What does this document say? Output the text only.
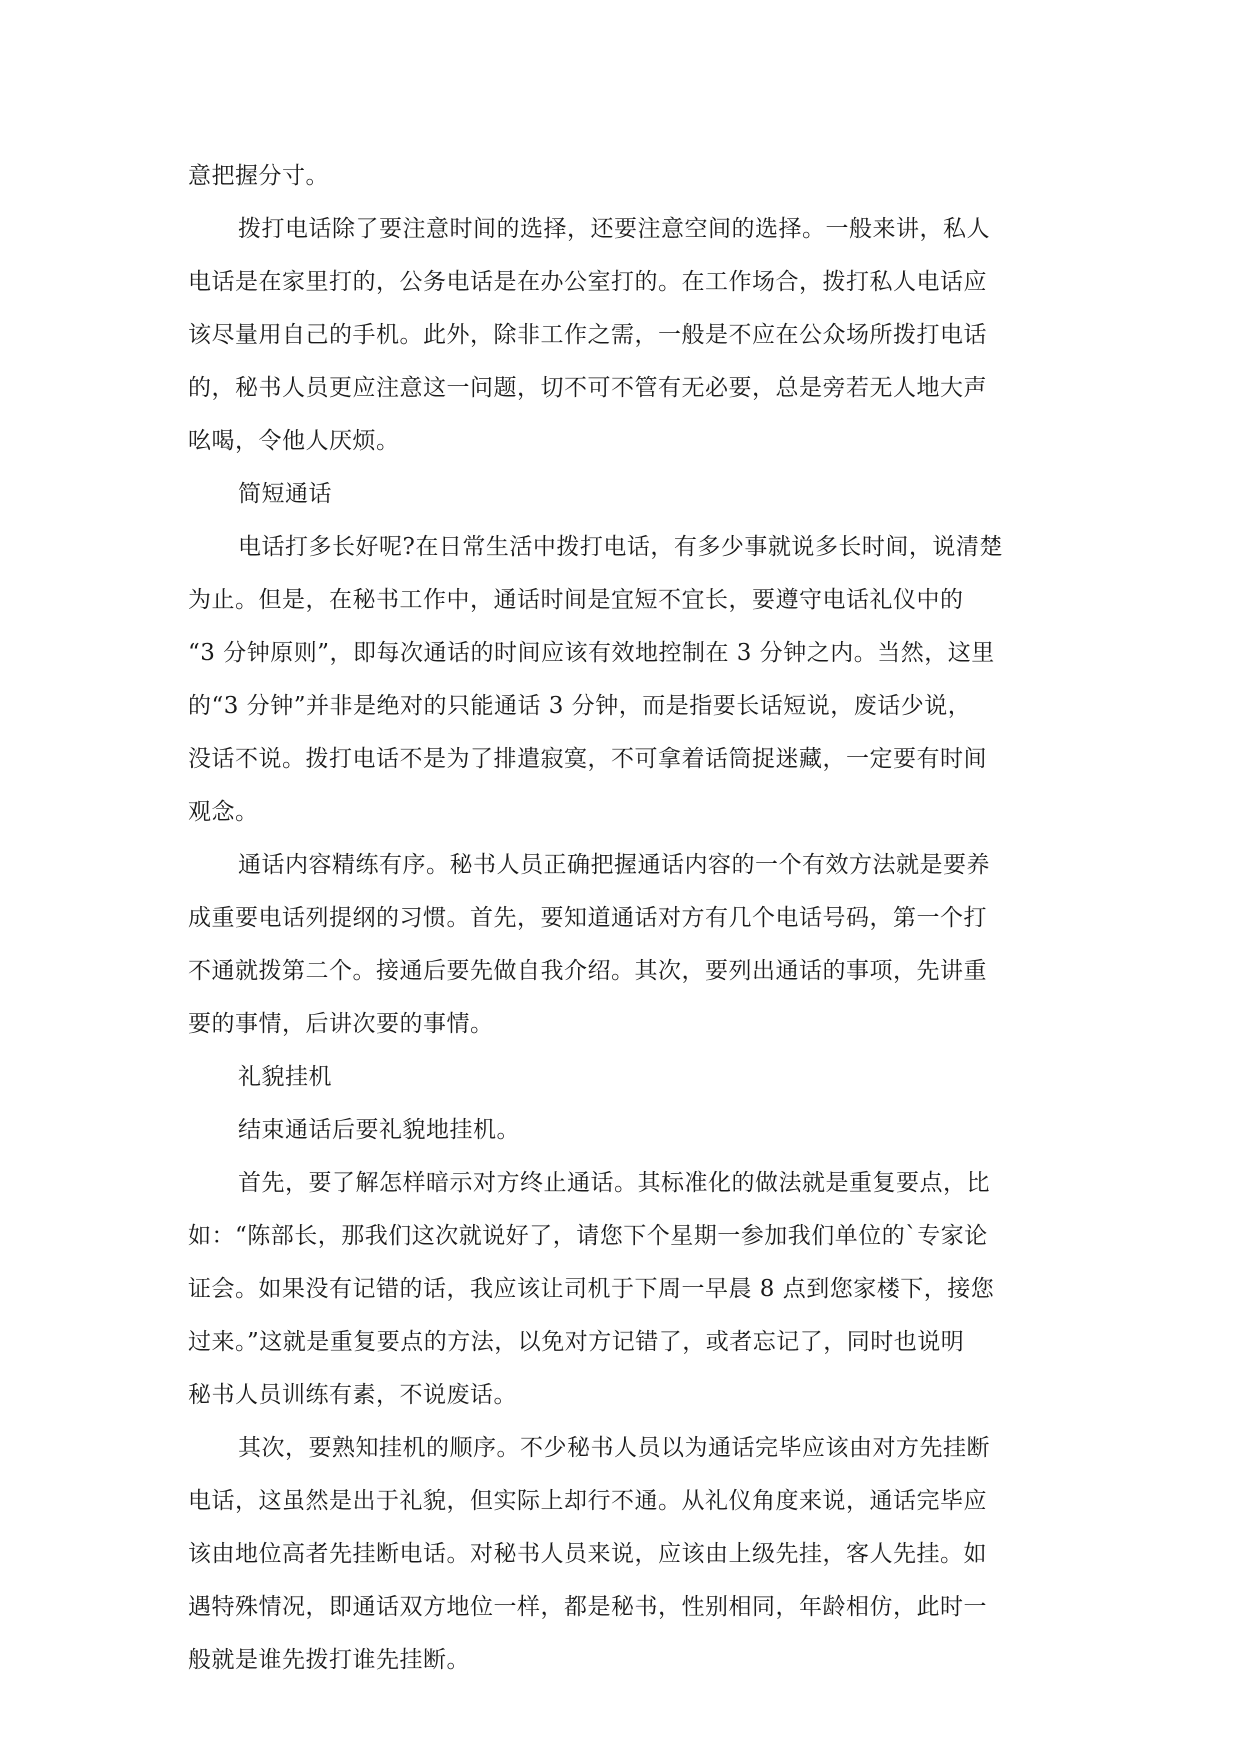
意把握分寸。
拨打电话除了要注意时间的选择，还要注意空间的选择。一般来讲，私人
电话是在家里打的，公务电话是在办公室打的。在工作场合，拨打私人电话应
该尽量用自己的手机。此外，除非工作之需，一般是不应在公众场所拨打电话
的，秘书人员更应注意这一问题，切不可不管有无必要，总是旁若无人地大声
吆喝，令他人厌烦。
简短通话
电话打多长好呢?在日常生活中拨打电话，有多少事就说多长时间，说清楚
为止。但是，在秘书工作中，通话时间是宜短不宜长，要遵守电话礼仪中的
“3 分钟原则”，即每次通话的时间应该有效地控制在 3 分钟之内。当然，这里
的“3 分钟”并非是绝对的只能通话 3 分钟，而是指要长话短说，废话少说，
没话不说。拨打电话不是为了排遣寂寞，不可拿着话筒捉迷藏，一定要有时间
观念。
通话内容精练有序。秘书人员正确把握通话内容的一个有效方法就是要养
成重要电话列提纲的习惯。首先，要知道通话对方有几个电话号码，第一个打
不通就拨第二个。接通后要先做自我介绍。其次，要列出通话的事项，先讲重
要的事情，后讲次要的事情。
礼貌挂机
结束通话后要礼貌地挂机。
首先，要了解怎样暗示对方终止通话。其标准化的做法就是重复要点，比
如：“陈部长，那我们这次就说好了，请您下个星期一参加我们单位的`专家论
证会。如果没有记错的话，我应该让司机于下周一早晨 8 点到您家楼下，接您
过来。”这就是重复要点的方法，以免对方记错了，或者忘记了，同时也说明
秘书人员训练有素，不说废话。
其次，要熟知挂机的顺序。不少秘书人员以为通话完毕应该由对方先挂断
电话，这虽然是出于礼貌，但实际上却行不通。从礼仪角度来说，通话完毕应
该由地位高者先挂断电话。对秘书人员来说，应该由上级先挂，客人先挂。如
遇特殊情况，即通话双方地位一样，都是秘书，性别相同，年龄相仿，此时一
般就是谁先拨打谁先挂断。
